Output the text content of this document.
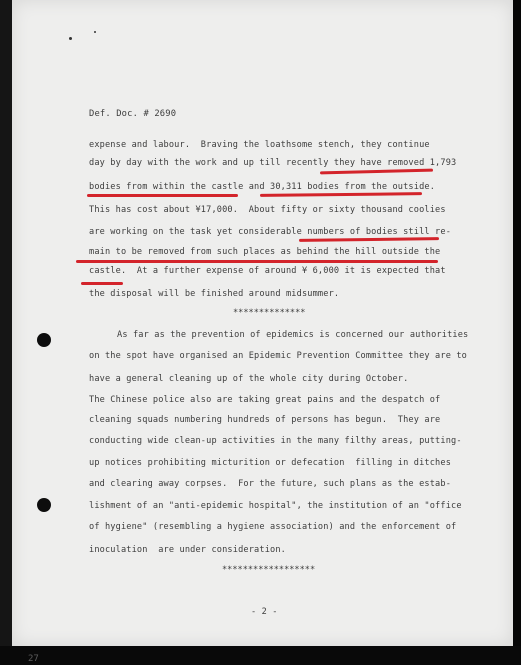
27
Def. Doc. # 2690
expense and labour.  Braving the loathsome stench, they continue
day by day with the work and up till recently they have removed 1,793
bodies from within the castle and 30,311 bodies from the outside.
This has cost about ¥17,000.  About fifty or sixty thousand coolies
are working on the task yet considerable numbers of bodies still re-
main to be removed from such places as behind the hill outside the
castle.  At a further expense of around ¥ 6,000 it is expected that
the disposal will be finished around midsummer.
**************
As far as the prevention of epidemics is concerned our authorities
on the spot have organised an Epidemic Prevention Committee they are to
have a general cleaning up of the whole city during October.
The Chinese police also are taking great pains and the despatch of
cleaning squads numbering hundreds of persons has begun.  They are
conducting wide clean-up activities in the many filthy areas, putting-
up notices prohibiting micturition or defecation  filling in ditches
and clearing away corpses.  For the future, such plans as the estab-
lishment of an "anti-epidemic hospital", the institution of an "office
of hygiene" (resembling a hygiene association) and the enforcement of
inoculation  are under consideration.
******************
- 2 -
